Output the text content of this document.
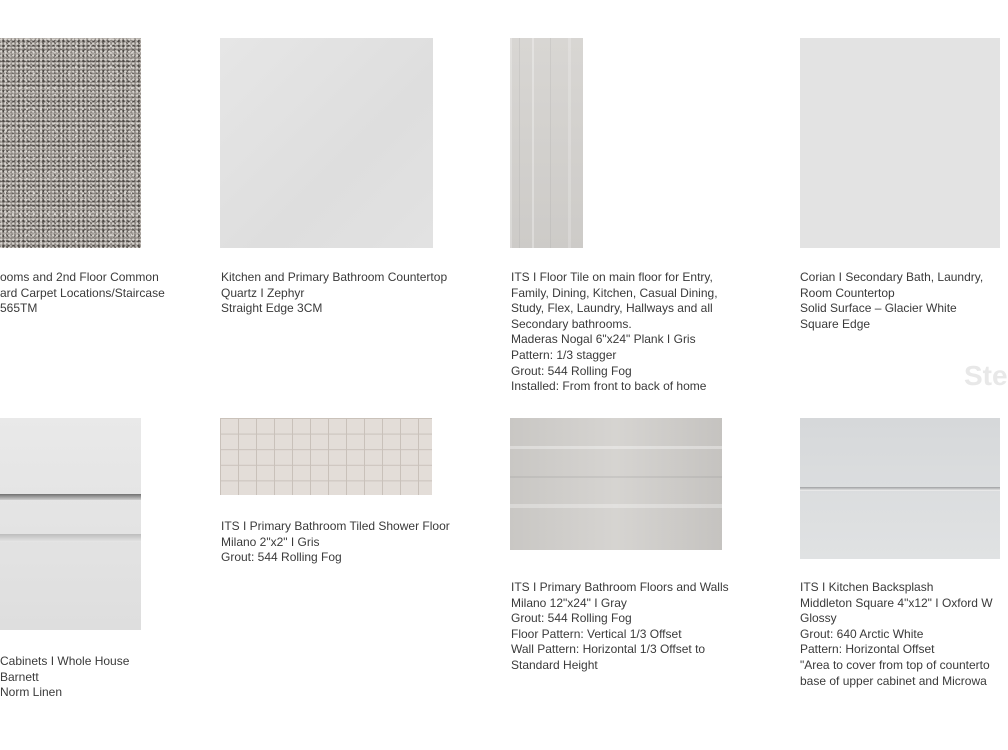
ooms and 2nd Floor Common
ard Carpet Locations/Staircase
565TM
Kitchen and Primary Bathroom Countertop
Quartz I Zephyr
Straight Edge 3CM
ITS I Floor Tile on main floor for Entry,
Family, Dining, Kitchen, Casual Dining,
Study, Flex, Laundry, Hallways and all
Secondary bathrooms.
Maderas Nogal 6"x24" Plank I Gris
Pattern: 1/3 stagger
Grout: 544 Rolling Fog
Installed: From front to back of home
Corian I Secondary Bath, Laundry,
Room Countertop
Solid Surface – Glacier White
Square Edge
Ste
Cabinets I Whole House
Barnett
Norm Linen
ITS I Primary Bathroom Tiled Shower Floor
Milano 2"x2" I Gris
Grout: 544 Rolling Fog
ITS I Primary Bathroom Floors and Walls
Milano 12"x24" I Gray
Grout: 544 Rolling Fog
Floor Pattern: Vertical 1/3 Offset
Wall Pattern: Horizontal 1/3 Offset to
Standard Height
ITS I Kitchen Backsplash
Middleton Square 4"x12" I Oxford W
Glossy
Grout: 640 Arctic White
Pattern: Horizontal Offset
"Area to cover from top of counterto
base of upper cabinet and Microwa
